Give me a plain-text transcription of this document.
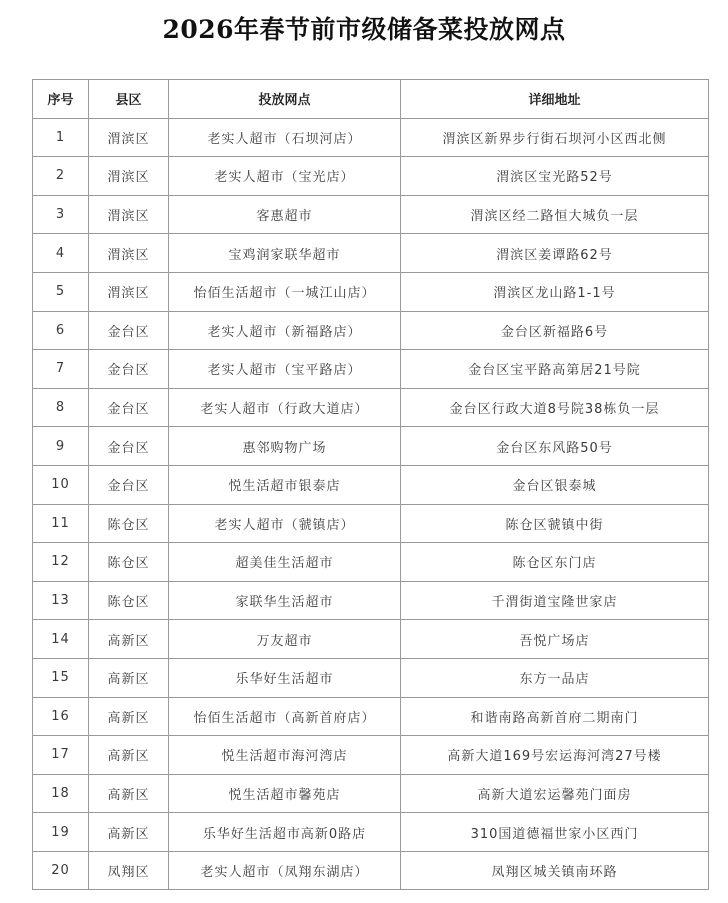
2026年春节前市级储备菜投放网点
序号	县区	投放网点	详细地址
1	渭滨区	老实人超市（石坝河店）	渭滨区新界步行街石坝河小区西北侧
2	渭滨区	老实人超市（宝光店）	渭滨区宝光路52号
3	渭滨区	客惠超市	渭滨区经二路恒大城负一层
4	渭滨区	宝鸡润家联华超市	渭滨区姜谭路62号
5	渭滨区	怡佰生活超市（一城江山店）	渭滨区龙山路1-1号
6	金台区	老实人超市（新福路店）	金台区新福路6号
7	金台区	老实人超市（宝平路店）	金台区宝平路高第居21号院
8	金台区	老实人超市（行政大道店）	金台区行政大道8号院38栋负一层
9	金台区	惠邻购物广场	金台区东风路50号
10	金台区	悦生活超市银泰店	金台区银泰城
11	陈仓区	老实人超市（虢镇店）	陈仓区虢镇中街
12	陈仓区	超美佳生活超市	陈仓区东门店
13	陈仓区	家联华生活超市	千渭街道宝隆世家店
14	高新区	万友超市	吾悦广场店
15	高新区	乐华好生活超市	东方一品店
16	高新区	怡佰生活超市（高新首府店）	和谐南路高新首府二期南门
17	高新区	悦生活超市海河湾店	高新大道169号宏运海河湾27号楼
18	高新区	悦生活超市馨苑店	高新大道宏运馨苑门面房
19	高新区	乐华好生活超市高新0路店	310国道德福世家小区西门
20	凤翔区	老实人超市（凤翔东湖店）	凤翔区城关镇南环路
